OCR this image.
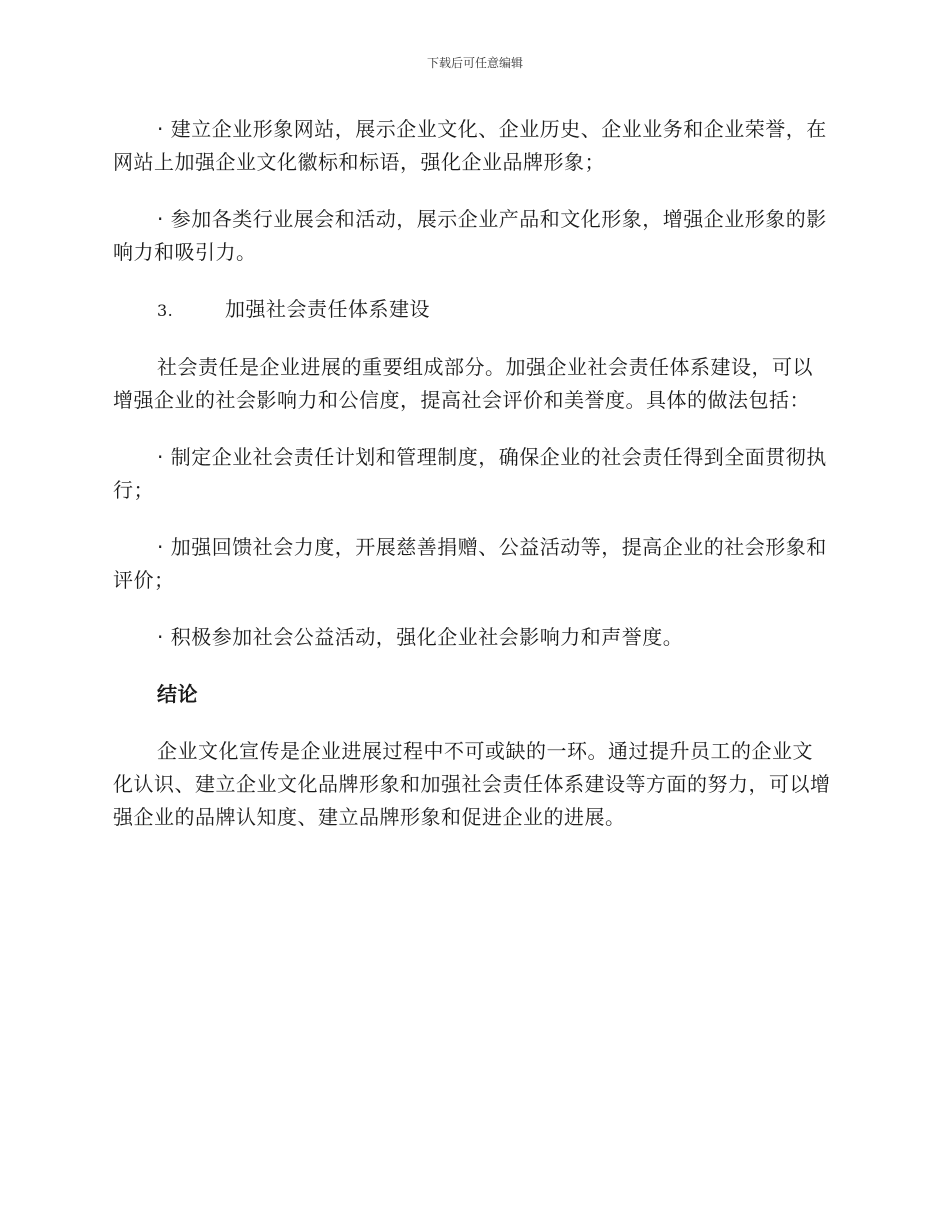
下载后可任意编辑

· 建立企业形象网站，展示企业文化、企业历史、企业业务和企业荣誉，在网站上加强企业文化徽标和标语，强化企业品牌形象；

· 参加各类行业展会和活动，展示企业产品和文化形象，增强企业形象的影响力和吸引力。

3.	加强社会责任体系建设

社会责任是企业进展的重要组成部分。加强企业社会责任体系建设，可以增强企业的社会影响力和公信度，提高社会评价和美誉度。具体的做法包括：

· 制定企业社会责任计划和管理制度，确保企业的社会责任得到全面贯彻执行；

· 加强回馈社会力度，开展慈善捐赠、公益活动等，提高企业的社会形象和评价；

· 积极参加社会公益活动，强化企业社会影响力和声誉度。

结论

企业文化宣传是企业进展过程中不可或缺的一环。通过提升员工的企业文化认识、建立企业文化品牌形象和加强社会责任体系建设等方面的努力，可以增强企业的品牌认知度、建立品牌形象和促进企业的进展。
